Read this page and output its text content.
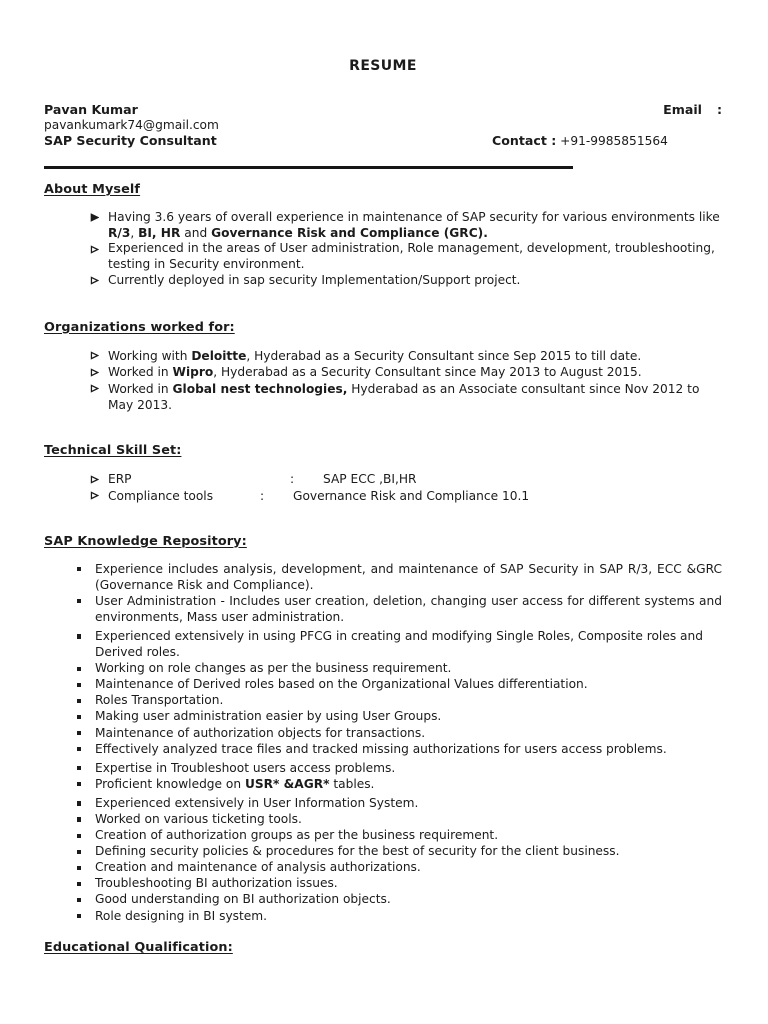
RESUME
Pavan Kumar	Email :
pavankumark74@gmail.com
SAP Security Consultant	Contact : +91-9985851564
About Myself
Having 3.6 years of overall experience in maintenance of SAP security for various environments like R/3, BI, HR and Governance Risk and Compliance (GRC).
Experienced in the areas of User administration, Role management, development, troubleshooting, testing in Security environment.
Currently deployed in sap security Implementation/Support project.
Organizations worked for:
Working with Deloitte, Hyderabad as a Security Consultant since Sep 2015 to till date.
Worked in Wipro, Hyderabad as a Security Consultant since May 2013 to August 2015.
Worked in Global nest technologies, Hyderabad as an Associate consultant since Nov 2012 to May 2013.
Technical Skill Set:
ERP	:	SAP ECC ,BI,HR
Compliance tools	:	Governance Risk and Compliance 10.1
SAP Knowledge Repository:
Experience includes analysis, development, and maintenance of SAP Security in SAP R/3, ECC &GRC (Governance Risk and Compliance).
User Administration - Includes user creation, deletion, changing user access for different systems and environments, Mass user administration.
Experienced extensively in using PFCG in creating and modifying Single Roles, Composite roles and Derived roles.
Working on role changes as per the business requirement.
Maintenance of Derived roles based on the Organizational Values differentiation.
Roles Transportation.
Making user administration easier by using User Groups.
Maintenance of authorization objects for transactions.
Effectively analyzed trace files and tracked missing authorizations for users access problems.
Expertise in Troubleshoot users access problems.
Proficient knowledge on USR* &AGR* tables.
Experienced extensively in User Information System.
Worked on various ticketing tools.
Creation of authorization groups as per the business requirement.
Defining security policies & procedures for the best of security for the client business.
Creation and maintenance of analysis authorizations.
Troubleshooting BI authorization issues.
Good understanding on BI authorization objects.
Role designing in BI system.
Educational Qualification:
